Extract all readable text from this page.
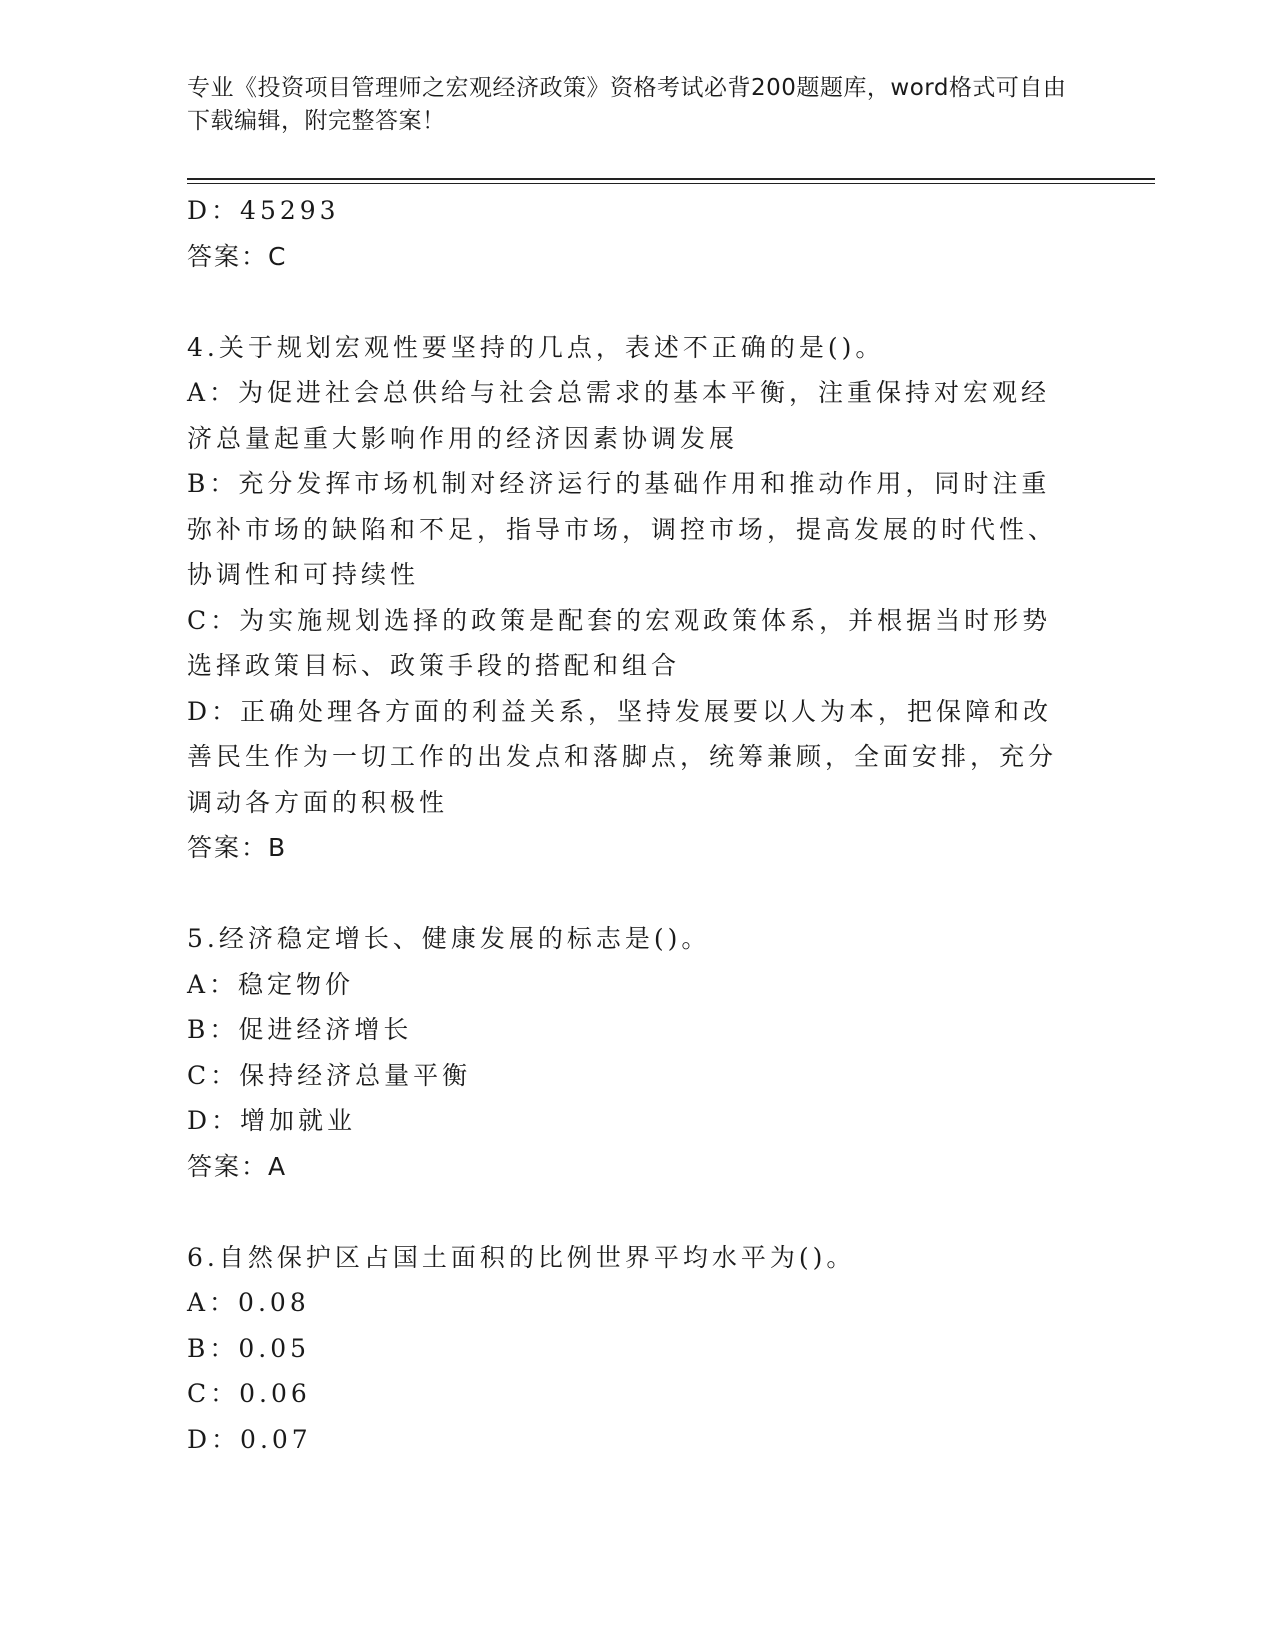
专业《投资项目管理师之宏观经济政策》资格考试必背200题题库，word格式可自由下载编辑，附完整答案！
D：45293
答案：C
4.关于规划宏观性要坚持的几点，表述不正确的是()。
A：为促进社会总供给与社会总需求的基本平衡，注重保持对宏观经济总量起重大影响作用的经济因素协调发展
B：充分发挥市场机制对经济运行的基础作用和推动作用，同时注重弥补市场的缺陷和不足，指导市场，调控市场，提高发展的时代性、协调性和可持续性
C：为实施规划选择的政策是配套的宏观政策体系，并根据当时形势选择政策目标、政策手段的搭配和组合
D：正确处理各方面的利益关系，坚持发展要以人为本，把保障和改善民生作为一切工作的出发点和落脚点，统筹兼顾，全面安排，充分调动各方面的积极性
答案：B
5.经济稳定增长、健康发展的标志是()。
A：稳定物价
B：促进经济增长
C：保持经济总量平衡
D：增加就业
答案：A
6.自然保护区占国土面积的比例世界平均水平为()。
A：0.08
B：0.05
C：0.06
D：0.07
